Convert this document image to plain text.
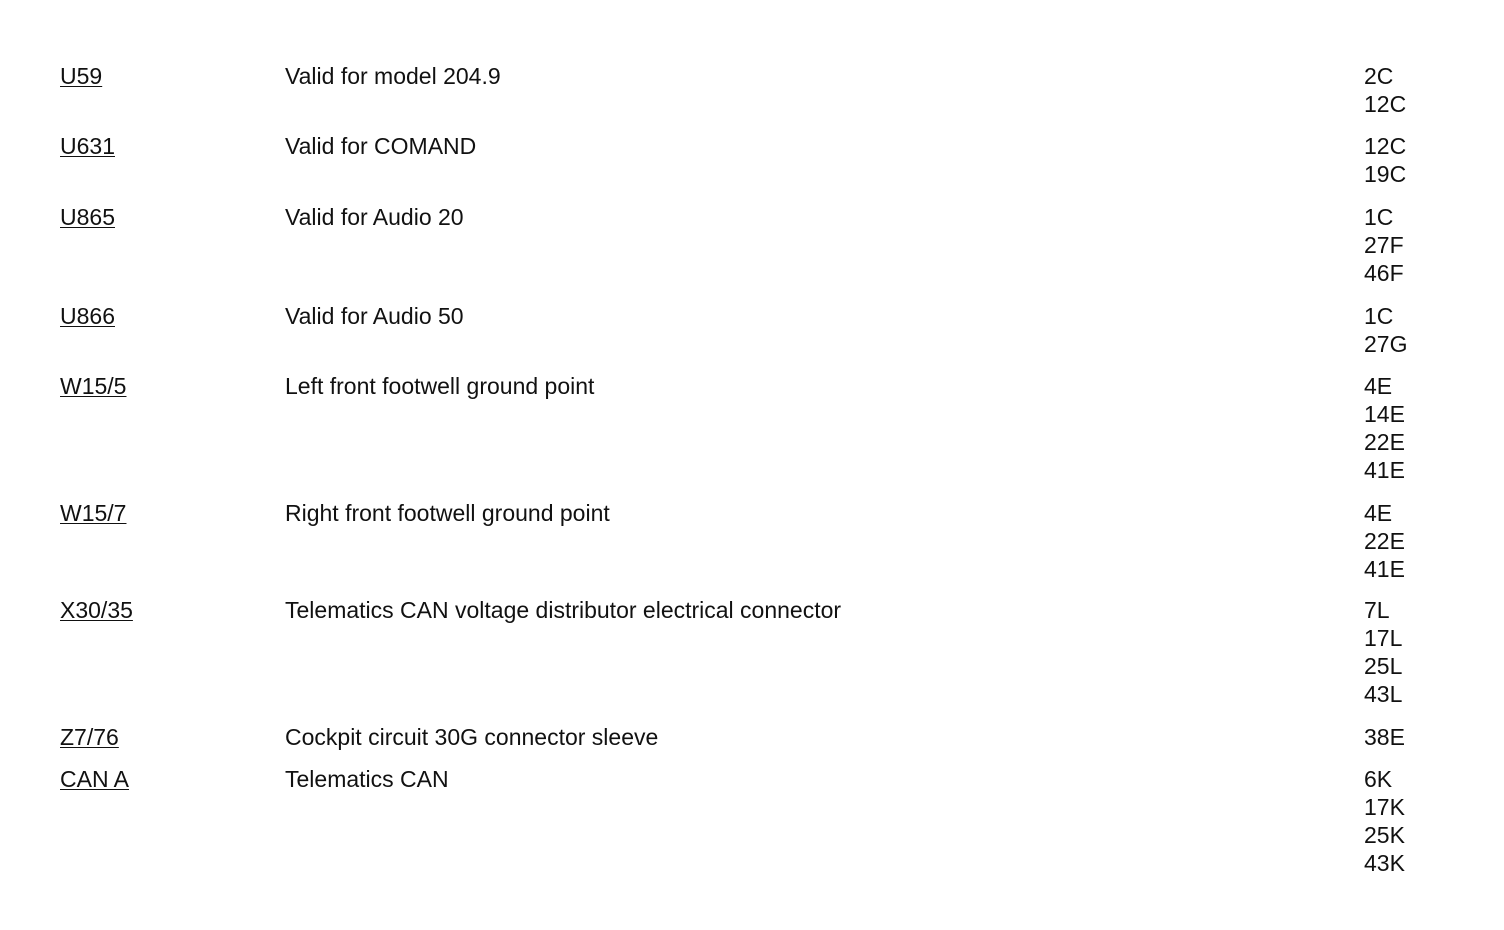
U59	Valid for model 204.9	2C
12C
U631	Valid for COMAND	12C
19C
U865	Valid for Audio 20	1C
27F
46F
U866	Valid for Audio 50	1C
27G
W15/5	Left front footwell ground point	4E
14E
22E
41E
W15/7	Right front footwell ground point	4E
22E
41E
X30/35	Telematics CAN voltage distributor electrical connector	7L
17L
25L
43L
Z7/76	Cockpit circuit 30G connector sleeve	38E
CAN A	Telematics CAN	6K
17K
25K
43K
